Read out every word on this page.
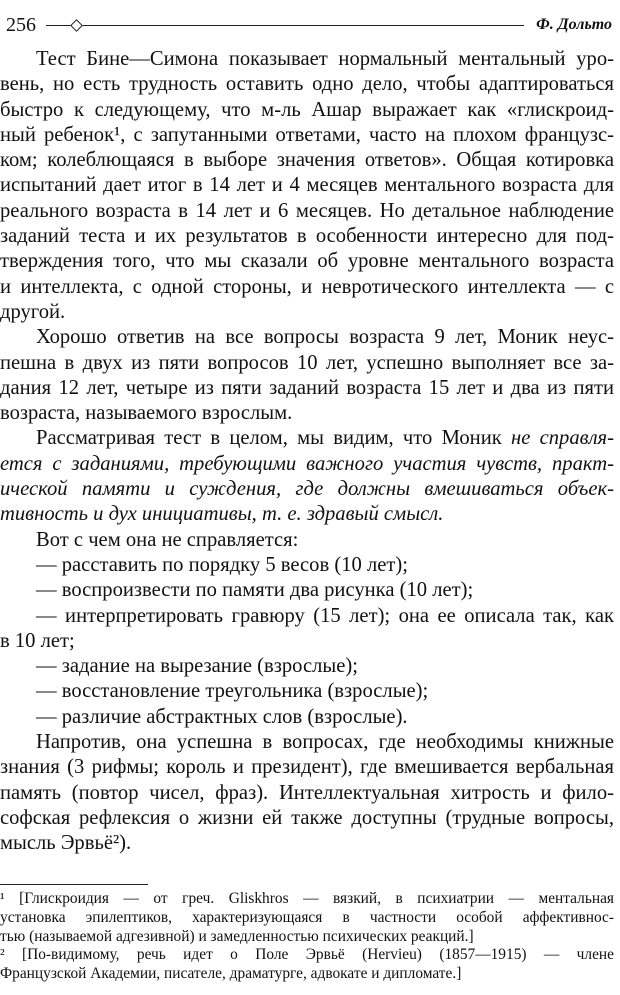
256	Ф. Дольто

Тест Бине—Симона показывает нормальный ментальный уро-
вень, но есть трудность оставить одно дело, чтобы адаптироваться
быстро к следующему, что м-ль Ашар выражает как «глискроид-
ный ребенок¹, с запутанными ответами, часто на плохом французс-
ком; колеблющаяся в выборе значения ответов». Общая котировка
испытаний дает итог в 14 лет и 4 месяцев ментального возраста для
реального возраста в 14 лет и 6 месяцев. Но детальное наблюдение
заданий теста и их результатов в особенности интересно для под-
тверждения того, что мы сказали об уровне ментального возраста
и интеллекта, с одной стороны, и невротического интеллекта — с
другой.

Хорошо ответив на все вопросы возраста 9 лет, Моник неус-
пешна в двух из пяти вопросов 10 лет, успешно выполняет все за-
дания 12 лет, четыре из пяти заданий возраста 15 лет и два из пяти
возраста, называемого взрослым.

Рассматривая тест в целом, мы видим, что Моник не справля-
ется с заданиями, требующими важного участия чувств, практ-
ической памяти и суждения, где должны вмешиваться объек-
тивность и дух инициативы, т. е. здравый смысл.

Вот с чем она не справляется:

— расставить по порядку 5 весов (10 лет);

— воспроизвести по памяти два рисунка (10 лет);

— интерпретировать гравюру (15 лет); она ее описала так, как
в 10 лет;

— задание на вырезание (взрослые);

— восстановление треугольника (взрослые);

— различие абстрактных слов (взрослые).

Напротив, она успешна в вопросах, где необходимы книжные
знания (3 рифмы; король и президент), где вмешивается вербальная
память (повтор чисел, фраз). Интеллектуальная хитрость и фило-
софская рефлексия о жизни ей также доступны (трудные вопросы,
мысль Эрвьё²).

¹ [Глискроидия — от греч. Gliskhros — вязкий, в психиатрии — ментальная
установка эпилептиков, характеризующаяся в частности особой аффективнос-
тью (называемой адгезивной) и замедленностью психических реакций.]
² [По-видимому, речь идет о Поле Эрвьё (Hervieu) (1857—1915) — члене
Французской Академии, писателе, драматурге, адвокате и дипломате.]
